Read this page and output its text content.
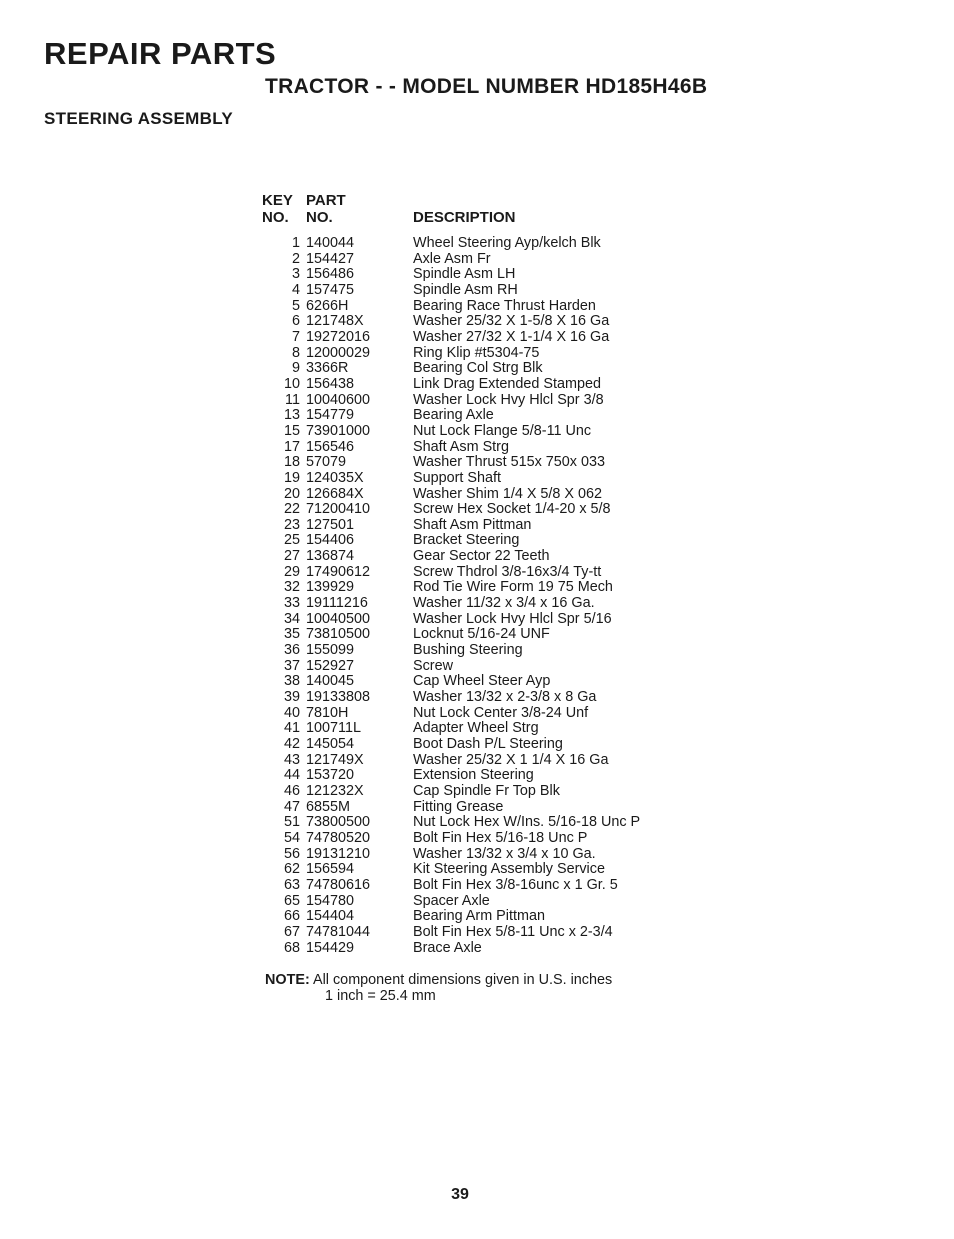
REPAIR PARTS
TRACTOR - - MODEL NUMBER HD185H46B
STEERING ASSEMBLY
KEY	PART	
NO.	NO.	DESCRIPTION
1	140044	Wheel Steering Ayp/kelch Blk
2	154427	Axle Asm Fr
3	156486	Spindle Asm LH
4	157475	Spindle Asm RH
5	6266H	Bearing Race Thrust Harden
6	121748X	Washer 25/32 X 1-5/8 X 16 Ga
7	19272016	Washer 27/32 X 1-1/4 X 16 Ga
8	12000029	Ring Klip #t5304-75
9	3366R	Bearing Col Strg Blk
10	156438	Link Drag Extended Stamped
11	10040600	Washer Lock Hvy Hlcl Spr 3/8
13	154779	Bearing Axle
15	73901000	Nut Lock Flange 5/8-11 Unc
17	156546	Shaft Asm Strg
18	57079	Washer Thrust 515x 750x 033
19	124035X	Support Shaft
20	126684X	Washer Shim 1/4 X 5/8 X 062
22	71200410	Screw Hex Socket 1/4-20 x 5/8
23	127501	Shaft Asm Pittman
25	154406	Bracket Steering
27	136874	Gear Sector 22 Teeth
29	17490612	Screw Thdrol 3/8-16x3/4 Ty-tt
32	139929	Rod Tie Wire Form 19 75 Mech
33	19111216	Washer 11/32 x 3/4 x 16 Ga.
34	10040500	Washer Lock Hvy Hlcl Spr 5/16
35	73810500	Locknut 5/16-24 UNF
36	155099	Bushing Steering
37	152927	Screw
38	140045	Cap Wheel Steer Ayp
39	19133808	Washer 13/32 x 2-3/8 x 8 Ga
40	7810H	Nut Lock Center 3/8-24 Unf
41	100711L	Adapter Wheel Strg
42	145054	Boot Dash P/L Steering
43	121749X	Washer 25/32 X 1 1/4 X 16 Ga
44	153720	Extension Steering
46	121232X	Cap Spindle Fr Top Blk
47	6855M	Fitting Grease
51	73800500	Nut Lock Hex W/Ins. 5/16-18 Unc P
54	74780520	Bolt Fin Hex 5/16-18 Unc P
56	19131210	Washer 13/32 x 3/4 x 10 Ga.
62	156594	Kit Steering Assembly Service
63	74780616	Bolt Fin Hex 3/8-16unc x 1 Gr. 5
65	154780	Spacer Axle
66	154404	Bearing Arm Pittman
67	74781044	Bolt Fin Hex 5/8-11 Unc x 2-3/4
68	154429	Brace Axle
NOTE: All component dimensions given in U.S. inches
1 inch = 25.4 mm
39
